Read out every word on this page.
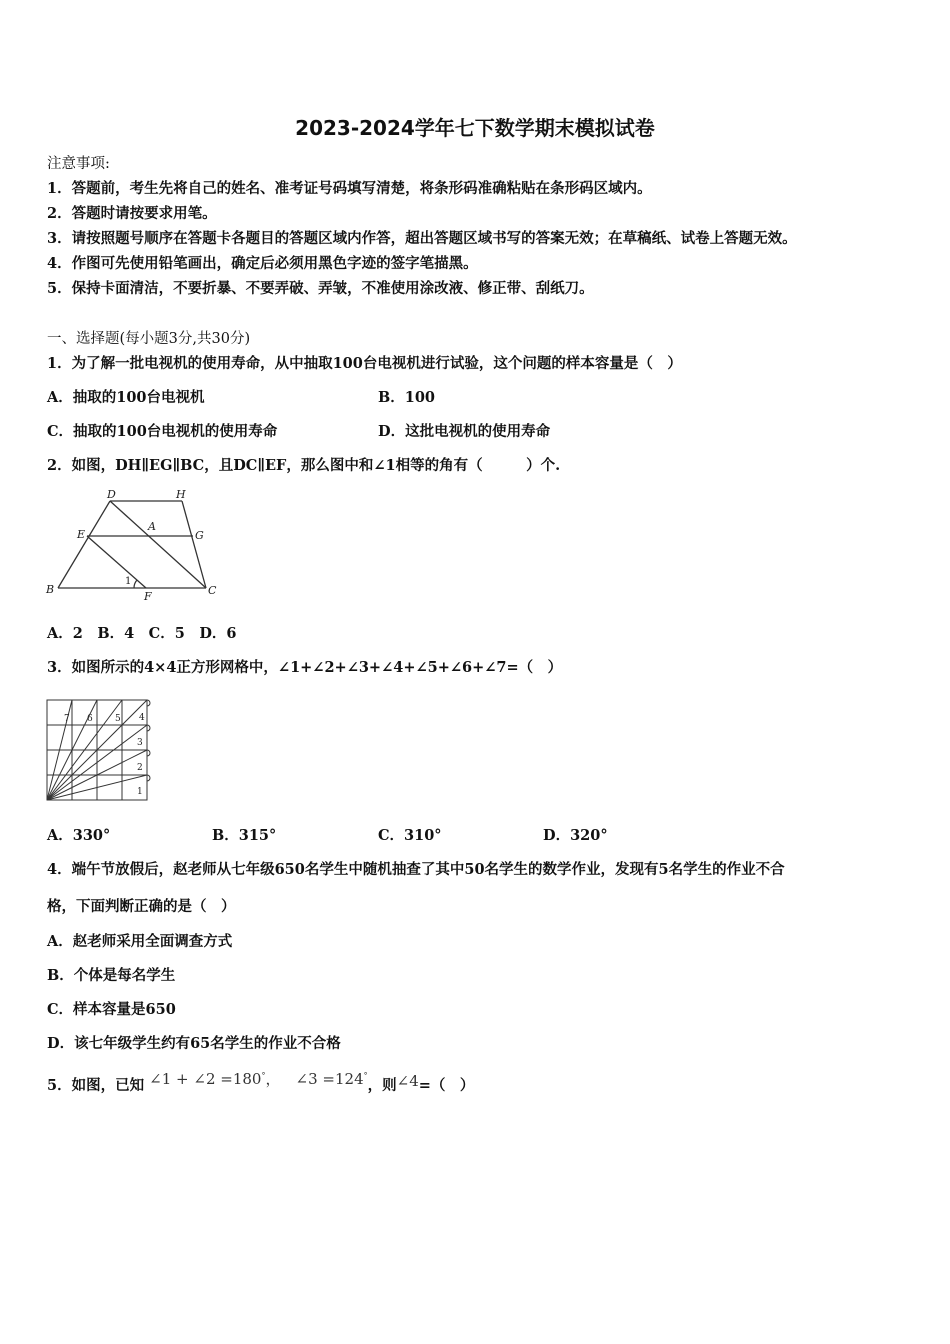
2023-2024学年七下数学期末模拟试卷
注意事项:
1．答题前，考生先将自己的姓名、准考证号码填写清楚，将条形码准确粘贴在条形码区域内。
2．答题时请按要求用笔。
3．请按照题号顺序在答题卡各题目的答题区域内作答，超出答题区域书写的答案无效；在草稿纸、试卷上答题无效。
4．作图可先使用铅笔画出，确定后必须用黑色字迹的签字笔描黑。
5．保持卡面清洁，不要折暴、不要弄破、弄皱，不准使用涂改液、修正带、刮纸刀。
一、选择题(每小题3分,共30分)
1．为了解一批电视机的使用寿命，从中抽取100台电视机进行试验，这个问题的样本容量是（　）
A．抽取的100台电视机	B．100
C．抽取的100台电视机的使用寿命	D．这批电视机的使用寿命
2．如图，DH∥EG∥BC，且DC∥EF，那么图中和∠1相等的角有（　　　）个.
D	H
A
E	G
B	C
F
1
A．2　B．4　C．5　D．6
3．如图所示的4×4正方形网格中，∠1+∠2+∠3+∠4+∠5+∠6+∠7=（　）
1
2
3
4
5
6
7
A．330°	B．315°	C．310°	D．320°
4．端午节放假后，赵老师从七年级650名学生中随机抽查了其中50名学生的数学作业，发现有5名学生的作业不合
格，下面判断正确的是（　）
A．赵老师采用全面调查方式
B．个体是每名学生
C．样本容量是650
D．该七年级学生约有65名学生的作业不合格
5．如图，已知 ∠1 + ∠2 =180°， ∠3 =124°，则∠4=（　）
